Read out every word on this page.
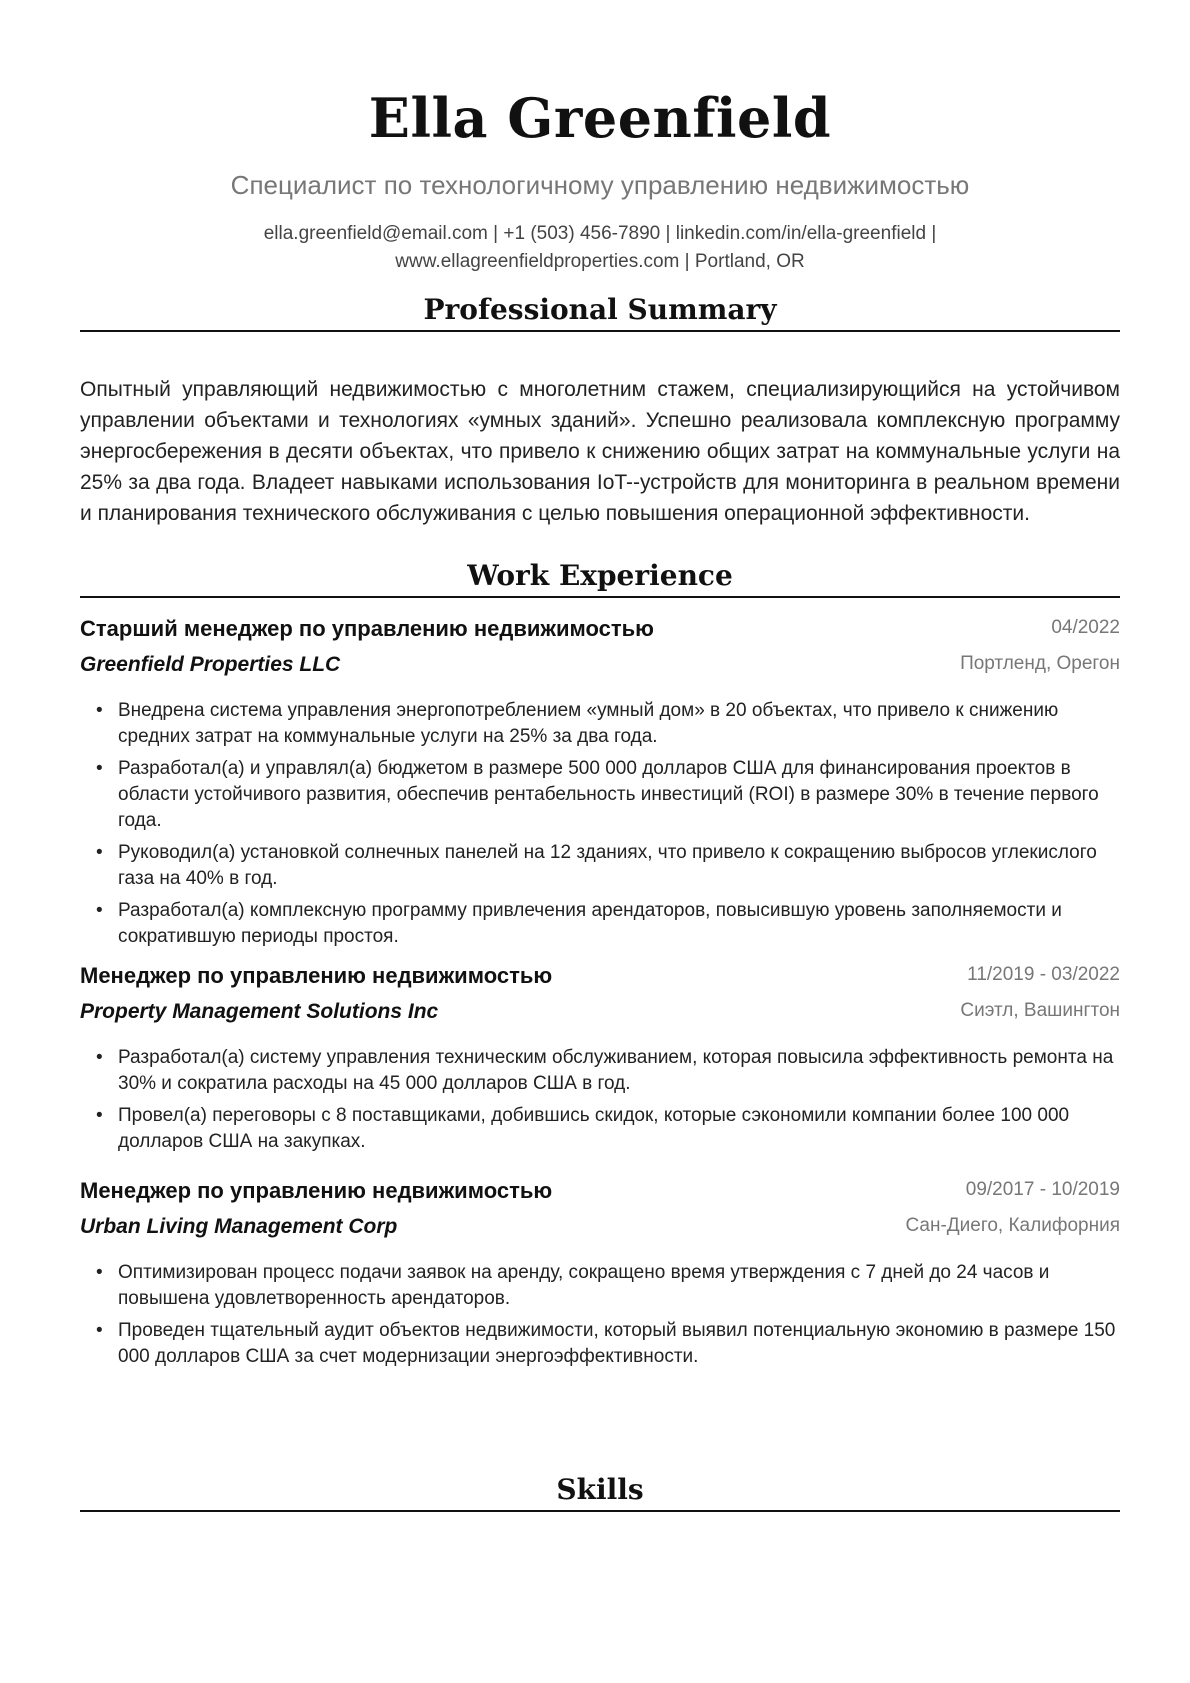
Ella Greenfield
Специалист по технологичному управлению недвижимостью
ella.greenfield@email.com | +1 (503) 456-7890 | linkedin.com/in/ella-greenfield |
www.ellagreenfieldproperties.com | Portland, OR
Professional Summary
Опытный управляющий недвижимостью с многолетним стажем, специализирующийся на устойчивом управлении объектами и технологиях «умных зданий». Успешно реализовала комплексную программу энергосбережения в десяти объектах, что привело к снижению общих затрат на коммунальные услуги на 25% за два года. Владеет навыками использования IoT--устройств для мониторинга в реальном времени и планирования технического обслуживания с целью повышения операционной эффективности.
Work Experience
Старший менеджер по управлению недвижимостью	04/2022
Greenfield Properties LLC	Портленд, Орегон
• Внедрена система управления энергопотреблением «умный дом» в 20 объектах, что привело к снижению средних затрат на коммунальные услуги на 25% за два года.
• Разработал(а) и управлял(а) бюджетом в размере 500 000 долларов США для финансирования проектов в области устойчивого развития, обеспечив рентабельность инвестиций (ROI) в размере 30% в течение первого года.
• Руководил(а) установкой солнечных панелей на 12 зданиях, что привело к сокращению выбросов углекислого газа на 40% в год.
• Разработал(а) комплексную программу привлечения арендаторов, повысившую уровень заполняемости и сократившую периоды простоя.
Менеджер по управлению недвижимостью	11/2019 - 03/2022
Property Management Solutions Inc	Сиэтл, Вашингтон
• Разработал(а) систему управления техническим обслуживанием, которая повысила эффективность ремонта на 30% и сократила расходы на 45 000 долларов США в год.
• Провел(а) переговоры с 8 поставщиками, добившись скидок, которые сэкономили компании более 100 000 долларов США на закупках.
Менеджер по управлению недвижимостью	09/2017 - 10/2019
Urban Living Management Corp	Сан-Диего, Калифорния
• Оптимизирован процесс подачи заявок на аренду, сокращено время утверждения с 7 дней до 24 часов и повышена удовлетворенность арендаторов.
• Проведен тщательный аудит объектов недвижимости, который выявил потенциальную экономию в размере 150 000 долларов США за счет модернизации энергоэффективности.
Skills
